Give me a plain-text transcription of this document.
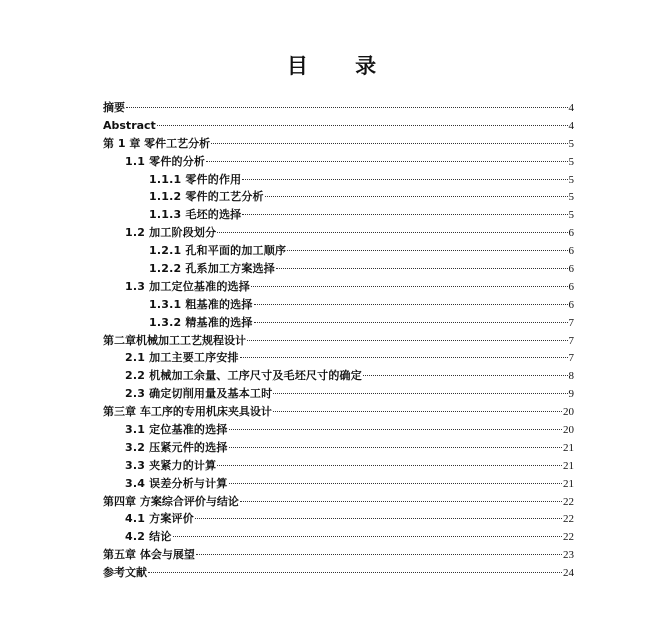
目 录
摘要	4
Abstract	4
第 1 章 零件工艺分析	5
1.1 零件的分析	5
1.1.1 零件的作用	5
1.1.2 零件的工艺分析	5
1.1.3 毛坯的选择	5
1.2 加工阶段划分	6
1.2.1 孔和平面的加工顺序	6
1.2.2 孔系加工方案选择	6
1.3 加工定位基准的选择	6
1.3.1 粗基准的选择	6
1.3.2 精基准的选择	7
第二章机械加工工艺规程设计	7
2.1 加工主要工序安排	7
2.2 机械加工余量、工序尺寸及毛坯尺寸的确定	8
2.3 确定切削用量及基本工时	9
第三章 车工序的专用机床夹具设计	20
3.1 定位基准的选择	20
3.2 压紧元件的选择	21
3.3 夹紧力的计算	21
3.4 误差分析与计算	21
第四章 方案综合评价与结论	22
4.1 方案评价	22
4.2 结论	22
第五章 体会与展望	23
参考文献	24
